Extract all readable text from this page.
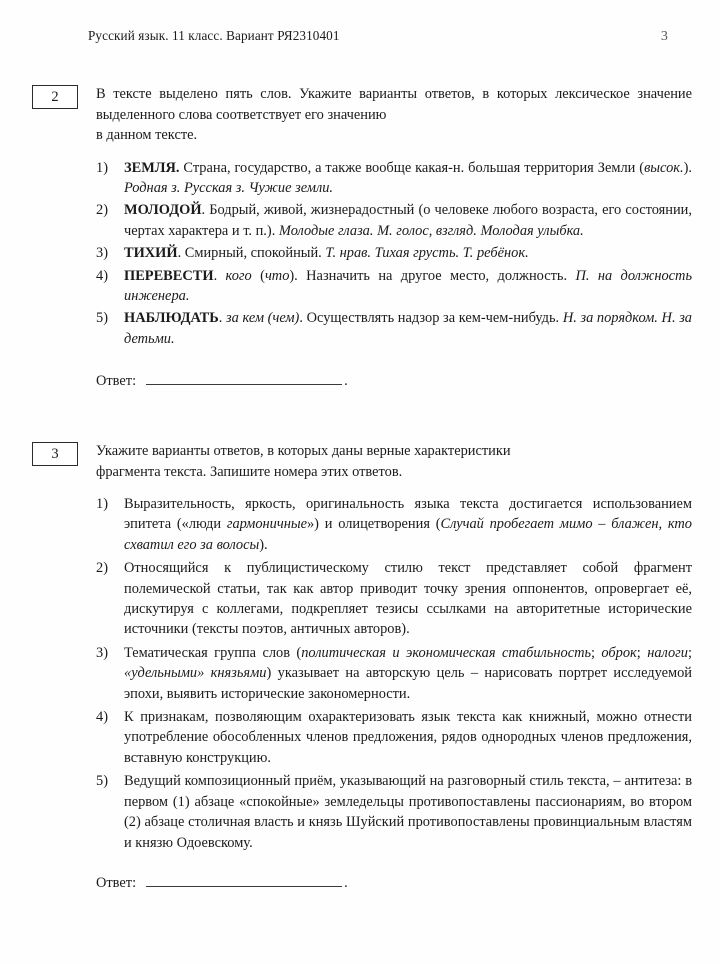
Русский язык. 11 класс. Вариант РЯ2310401	3
2	В тексте выделено пять слов. Укажите варианты ответов, в которых лексическое значение выделенного слова соответствует его значению
в данном тексте.
1)	ЗЕМЛЯ. Страна, государство, а также вообще какая-н. большая территория Земли (высок.). Родная з. Русская з. Чужие земли.
2)	МОЛОДОЙ. Бодрый, живой, жизнерадостный (о человеке любого возраста, его состоянии, чертах характера и т. п.). Молодые глаза. М. голос, взгляд. Молодая улыбка.
3)	ТИХИЙ. Смирный, спокойный. Т. нрав. Тихая грусть. Т. ребёнок.
4)	ПЕРЕВЕСТИ. кого (что). Назначить на другое место, должность. П. на должность инженера.
5)	НАБЛЮДАТЬ. за кем (чем). Осуществлять надзор за кем-чем-нибудь. Н. за порядком. Н. за детьми.
Ответ:	.
3	Укажите варианты ответов, в которых даны верные характеристики
фрагмента текста. Запишите номера этих ответов.
1)	Выразительность, яркость, оригинальность языка текста достигается использованием эпитета («люди гармоничные») и олицетворения (Случай пробегает мимо – блажен, кто схватил его за волосы).
2)	Относящийся к публицистическому стилю текст представляет собой фрагмент полемической статьи, так как автор приводит точку зрения оппонентов, опровергает её, дискутируя с коллегами, подкрепляет тезисы ссылками на авторитетные исторические источники (тексты поэтов, античных авторов).
3)	Тематическая группа слов (политическая и экономическая стабильность; оброк; налоги; «удельными» князьями) указывает на авторскую цель – нарисовать портрет исследуемой эпохи, выявить исторические закономерности.
4)	К признакам, позволяющим охарактеризовать язык текста как книжный, можно отнести употребление обособленных членов предложения, рядов однородных членов предложения, вставную конструкцию.
5)	Ведущий композиционный приём, указывающий на разговорный стиль текста, – антитеза: в первом (1) абзаце «спокойные» земледельцы противопоставлены пассионариям, во втором (2) абзаце столичная власть и князь Шуйский противопоставлены провинциальным властям и князю Одоевскому.
Ответ:	.
